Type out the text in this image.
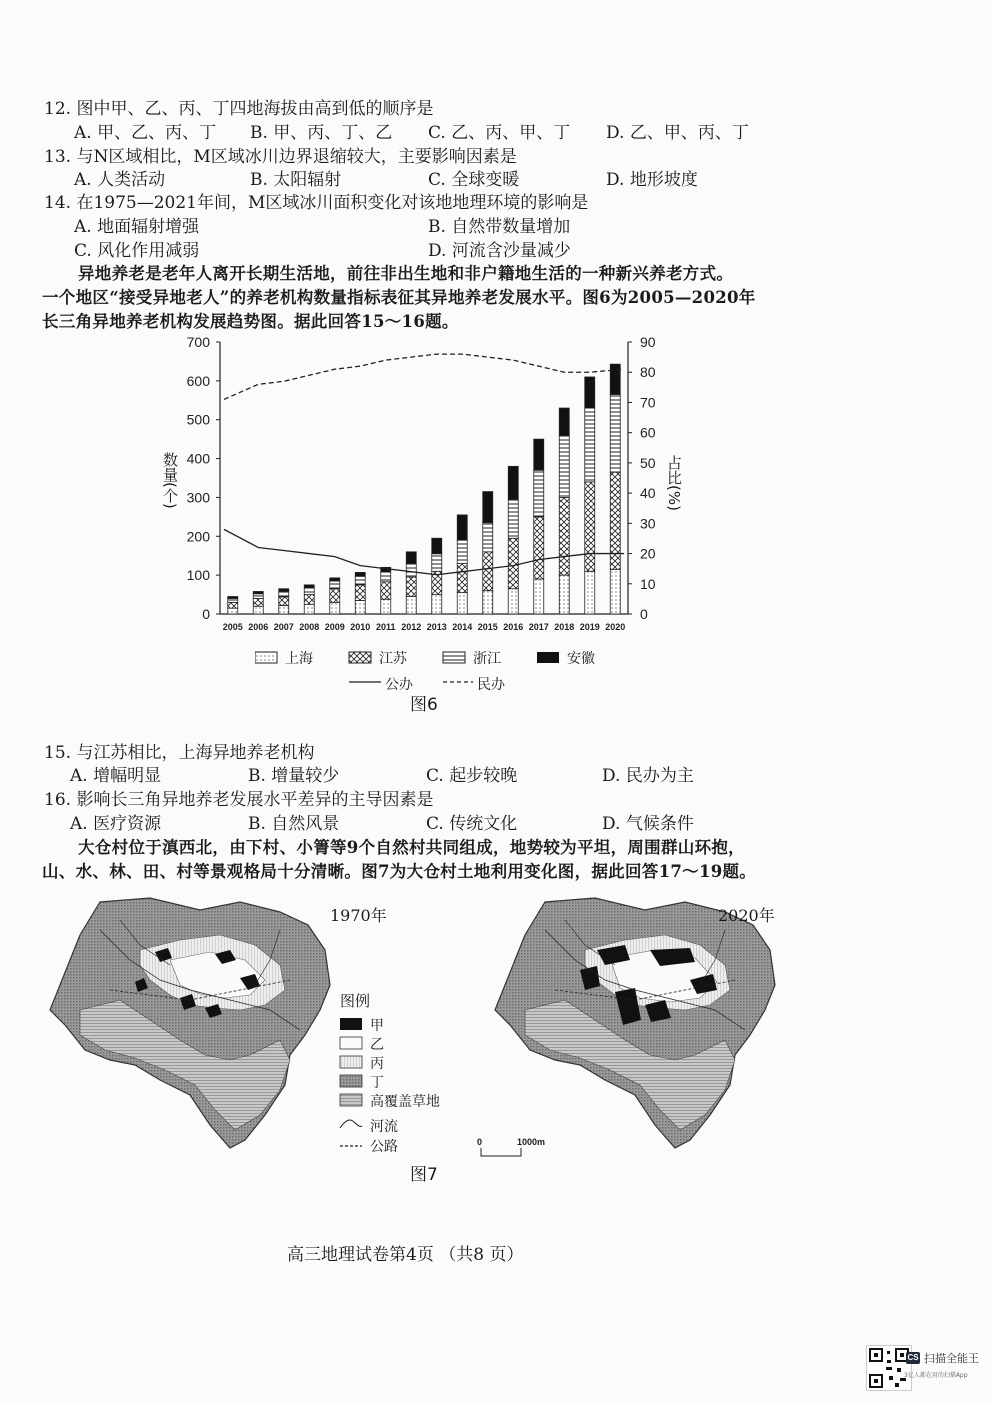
12. 图中甲、乙、丙、丁四地海拔由高到低的顺序是
A. 甲、乙、丙、丁 B. 甲、丙、丁、乙 C. 乙、丙、甲、丁 D. 乙、甲、丙、丁
13. 与N区域相比，M区域冰川边界退缩较大，主要影响因素是
A. 人类活动	B. 太阳辐射	C. 全球变暖	D. 地形坡度
14. 在1975—2021年间，M区域冰川面积变化对该地地理环境的影响是
A. 地面辐射增强	B. 自然带数量增加
C. 风化作用减弱	D. 河流含沙量减少
异地养老是老年人离开长期生活地，前往非出生地和非户籍地生活的一种新兴养老方式。
一个地区“接受异地老人”的养老机构数量指标表征其异地养老发展水平。图6为2005—2020年
长三角异地养老机构发展趋势图。据此回答15～16题。
0
100
200
300
400
500
600
700
0
10
20
30
40
50
60
70
80
90
2005 2006 2007 2008 2009 2010 2011 2012 2013 2014 2015 2016 2017 2018 2019 2020
数量(个)	占比(%)
上海	江苏	浙江	安徽
公办	民办
图6
15. 与江苏相比，上海异地养老机构
A. 增幅明显	B. 增量较少	C. 起步较晚	D. 民办为主
16. 影响长三角异地养老发展水平差异的主导因素是
A. 医疗资源	B. 自然风景	C. 传统文化	D. 气候条件
大仓村位于滇西北，由下村、小箐等9个自然村共同组成，地势较为平坦，周围群山环抱，
山、水、林、田、村等景观格局十分清晰。图7为大仓村土地利用变化图，据此回答17～19题。
1970年	2020年
图例
甲
乙
丙
丁
高覆盖草地
河流
公路	0	1000m
图7
高三地理试卷第4页 （共8 页）
CS 扫描全能王
3亿人都在用的扫描App
